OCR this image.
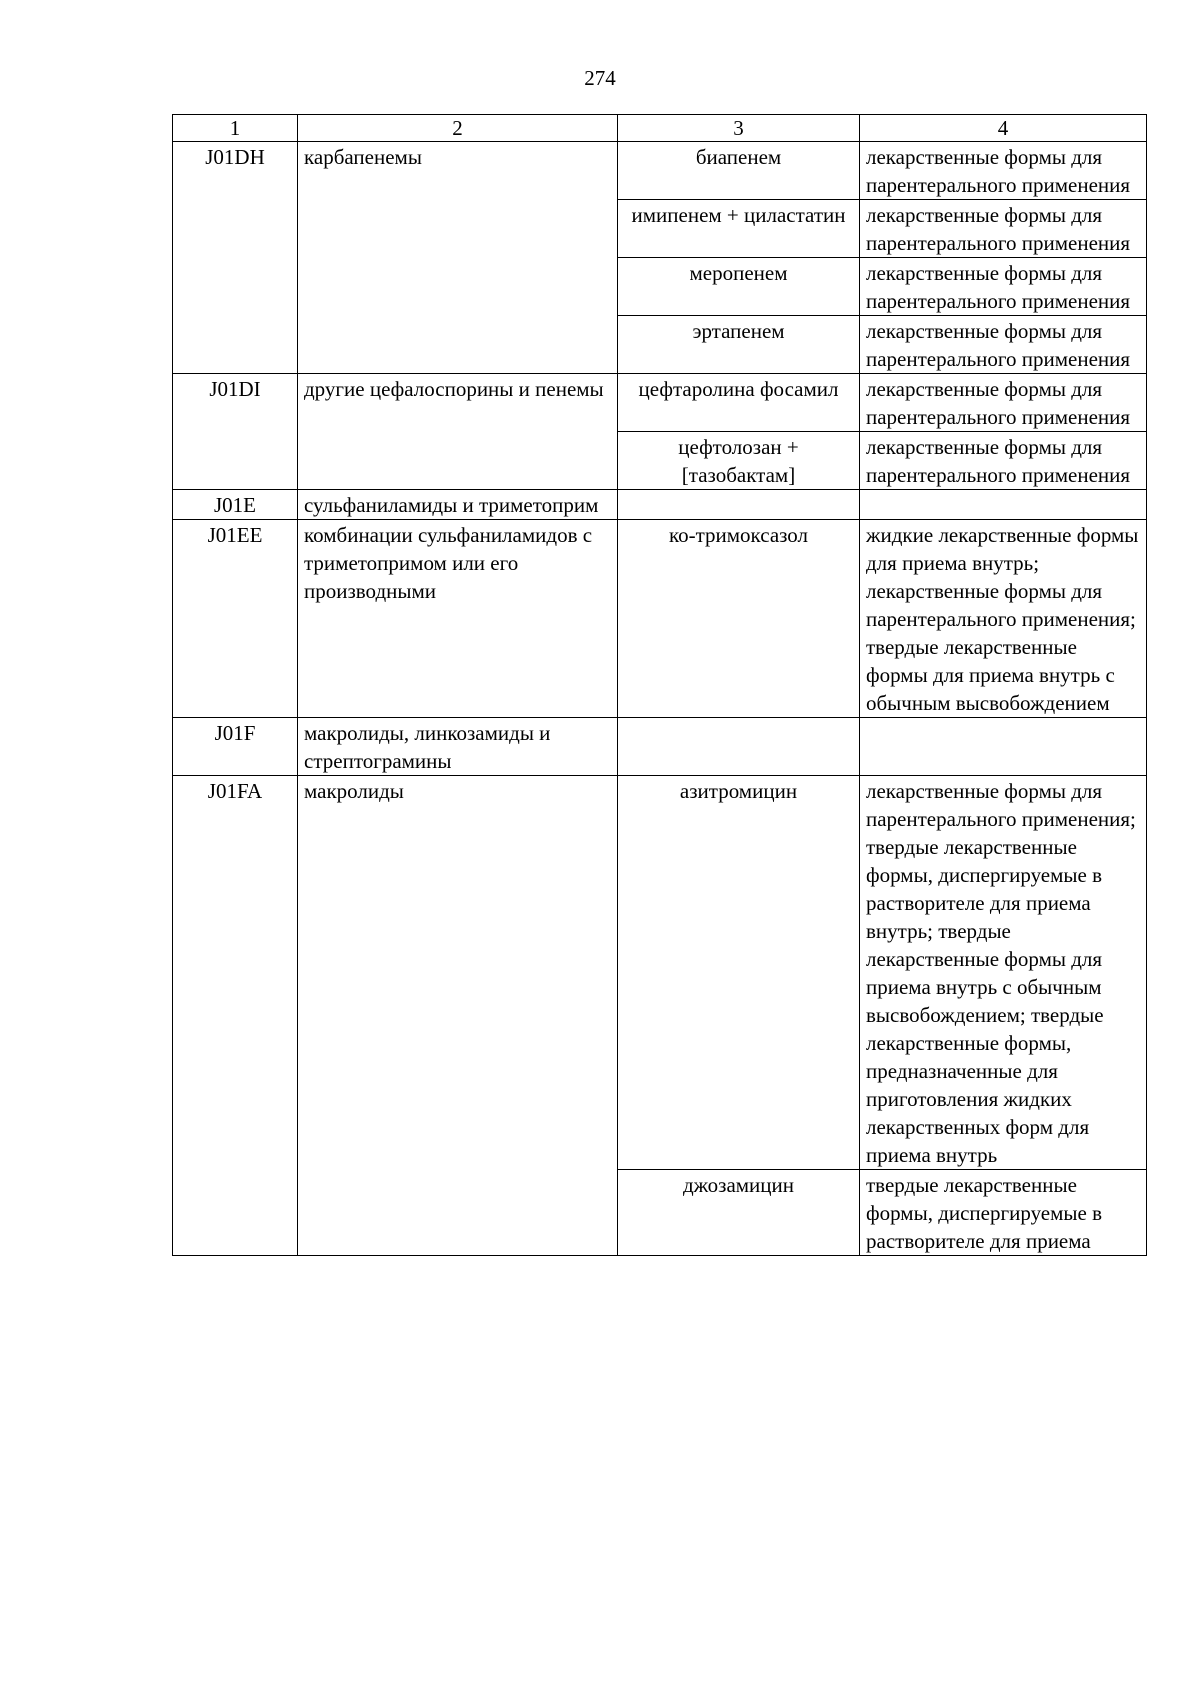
274
1	2	3	4
J01DH	карбапенемы	биапенем	лекарственные формы для парентерального применения
		имипенем + циластатин	лекарственные формы для парентерального применения
		меропенем	лекарственные формы для парентерального применения
		эртапенем	лекарственные формы для парентерального применения
J01DI	другие цефалоспорины и пенемы	цефтаролина фосамил	лекарственные формы для парентерального применения
		цефтолозан + [тазобактам]	лекарственные формы для парентерального применения
J01E	сульфаниламиды и триметоприм		
J01EE	комбинации сульфаниламидов с триметопримом или его производными	ко-тримоксазол	жидкие лекарственные формы для приема внутрь; лекарственные формы для парентерального применения; твердые лекарственные формы для приема внутрь с обычным высвобождением
J01F	макролиды, линкозамиды и стрептограмины		
J01FA	макролиды	азитромицин	лекарственные формы для парентерального применения; твердые лекарственные формы, диспергируемые в растворителе для приема внутрь; твердые лекарственные формы для приема внутрь с обычным высвобождением; твердые лекарственные формы, предназначенные для приготовления жидких лекарственных форм для приема внутрь
		джозамицин	твердые лекарственные формы, диспергируемые в растворителе для приема
